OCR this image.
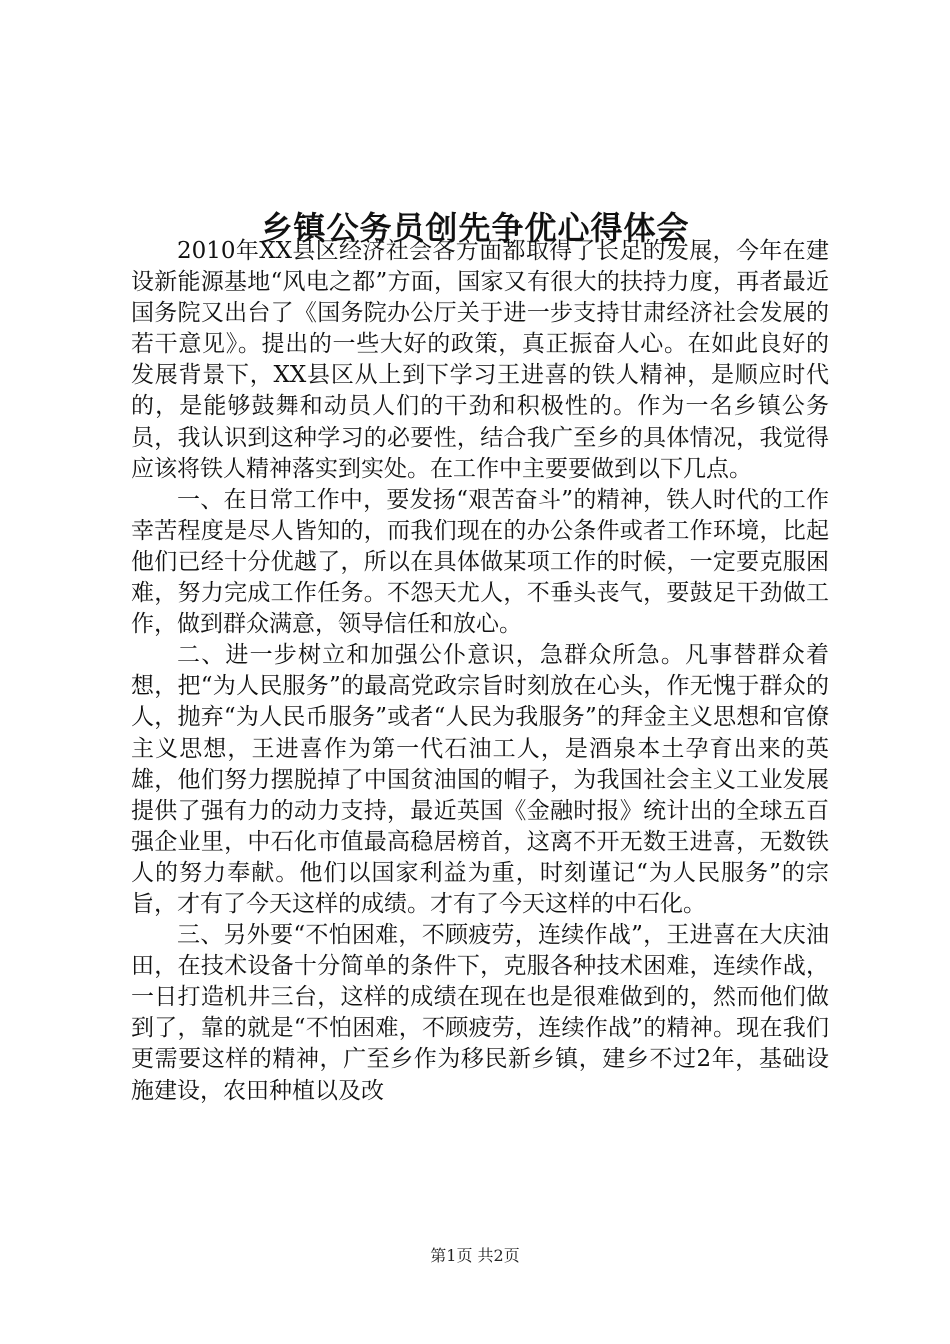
乡镇公务员创先争优心得体会

2010年XX县区经济社会各方面都取得了长足的发展，今年在建设新能源基地“风电之都”方面，国家又有很大的扶持力度，再者最近国务院又出台了《国务院办公厅关于进一步支持甘肃经济社会发展的若干意见》。提出的一些大好的政策，真正振奋人心。在如此良好的发展背景下，XX县区从上到下学习王进喜的铁人精神，是顺应时代的，是能够鼓舞和动员人们的干劲和积极性的。作为一名乡镇公务员，我认识到这种学习的必要性，结合我广至乡的具体情况，我觉得应该将铁人精神落实到实处。在工作中主要要做到以下几点。

一、在日常工作中，要发扬“艰苦奋斗”的精神，铁人时代的工作幸苦程度是尽人皆知的，而我们现在的办公条件或者工作环境，比起他们已经十分优越了，所以在具体做某项工作的时候，一定要克服困难，努力完成工作任务。不怨天尤人，不垂头丧气，要鼓足干劲做工作，做到群众满意，领导信任和放心。

二、进一步树立和加强公仆意识，急群众所急。凡事替群众着想，把“为人民服务”的最高党政宗旨时刻放在心头，作无愧于群众的人，抛弃“为人民币服务”或者“人民为我服务”的拜金主义思想和官僚主义思想，王进喜作为第一代石油工人，是酒泉本土孕育出来的英雄，他们努力摆脱掉了中国贫油国的帽子，为我国社会主义工业发展提供了强有力的动力支持，最近英国《金融时报》统计出的全球五百强企业里，中石化市值最高稳居榜首，这离不开无数王进喜，无数铁人的努力奉献。他们以国家利益为重，时刻谨记“为人民服务”的宗旨，才有了今天这样的成绩。才有了今天这样的中石化。

三、另外要“不怕困难，不顾疲劳，连续作战”，王进喜在大庆油田，在技术设备十分简单的条件下，克服各种技术困难，连续作战，一日打造机井三台，这样的成绩在现在也是很难做到的，然而他们做到了，靠的就是“不怕困难，不顾疲劳，连续作战”的精神。现在我们更需要这样的精神，广至乡作为移民新乡镇，建乡不过2年，基础设施建设，农田种植以及改

第1页 共2页
